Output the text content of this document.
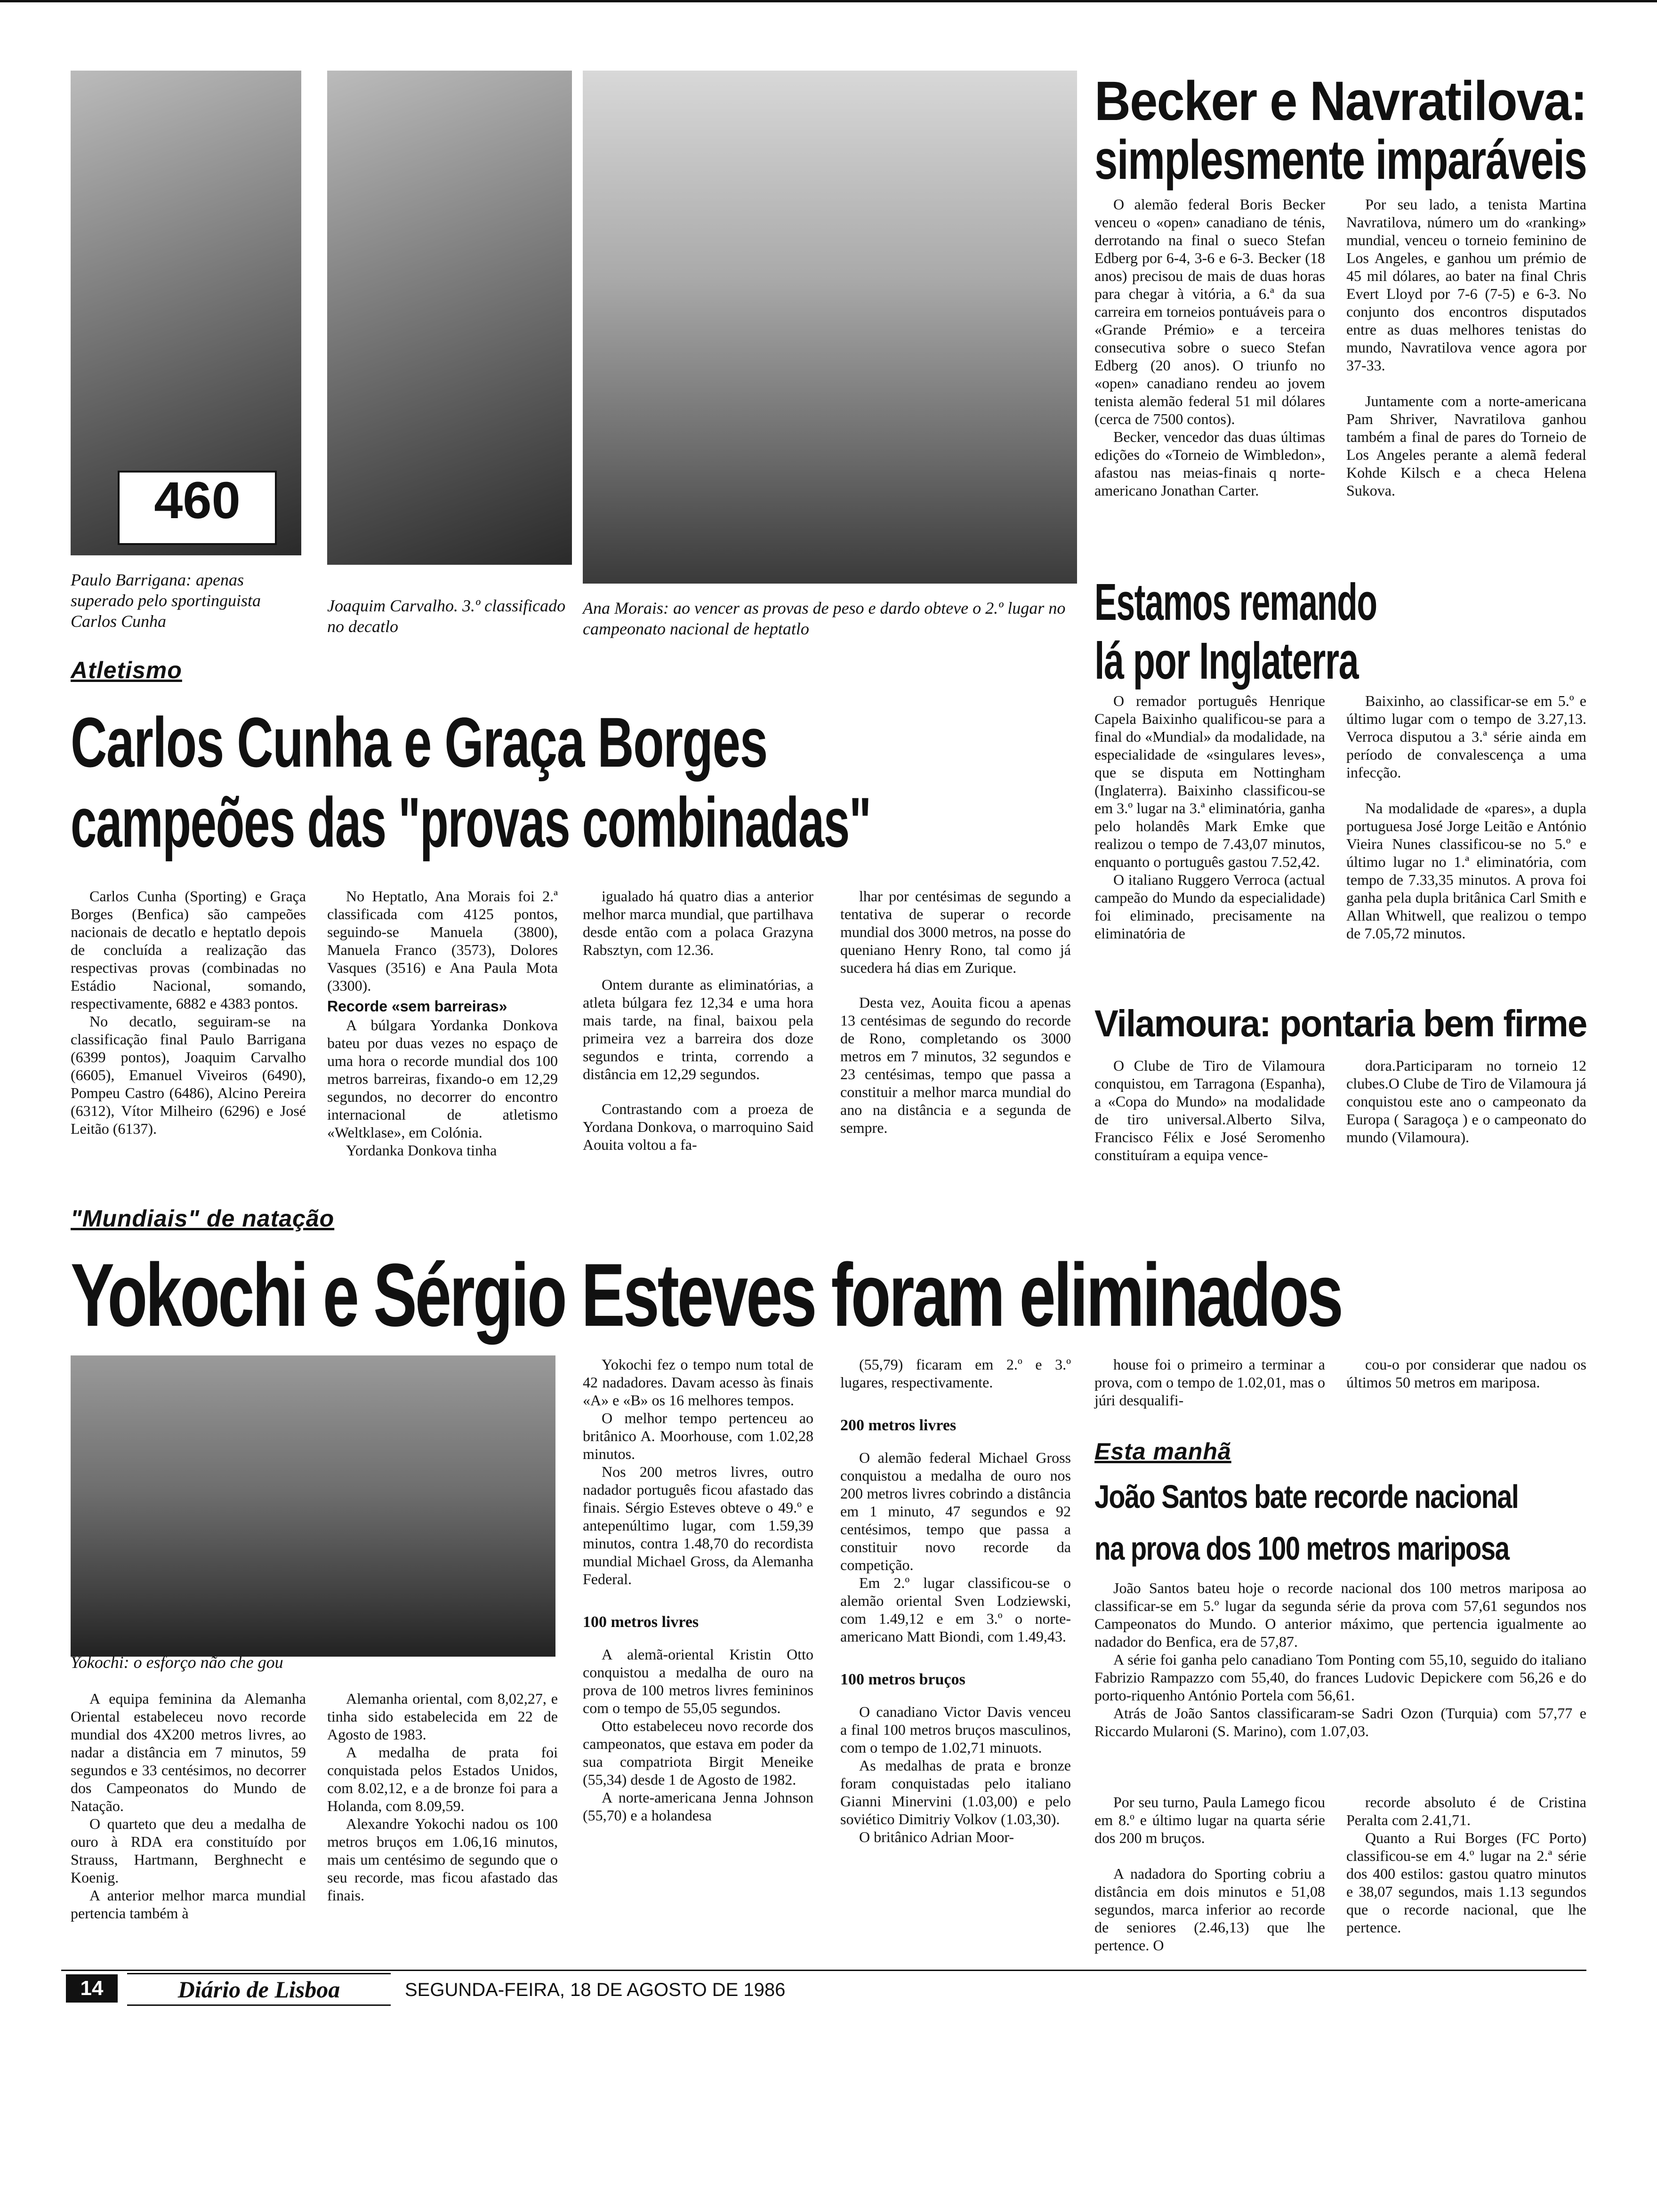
460
Paulo Barrigana: apenas superado pelo sportinguista Carlos Cunha
Joaquim Carvalho. 3.º classificado no decatlo
Ana Morais: ao vencer as provas de peso e dardo obteve o 2.º lugar no campeonato nacional de heptatlo
Becker e Navratilova:
simplesmente imparáveis

O alemão federal Boris Becker venceu o «open» canadiano de ténis, derrotando na final o sueco Stefan Edberg por 6-4, 3-6 e 6-3. Becker (18 anos) precisou de mais de duas horas para chegar à vitória, a 6.ª da sua carreira em torneios pontuáveis para o «Grande Prémio» e a terceira consecutiva sobre o sueco Stefan Edberg (20 anos). O triunfo no «open» canadiano rendeu ao jovem tenista alemão federal 51 mil dólares (cerca de 7500 contos).

Becker, vencedor das duas últimas edições do «Torneio de Wimbledon», afastou nas meias-finais q norte-americano Jonathan Carter.

Por seu lado, a tenista Martina Navratilova, número um do «ranking» mundial, venceu o torneio feminino de Los Angeles, e ganhou um prémio de 45 mil dólares, ao bater na final Chris Evert Lloyd por 7-6 (7-5) e 6-3. No conjunto dos encontros disputados entre as duas melhores tenistas do mundo, Navratilova vence agora por 37-33.

Juntamente com a norte-americana Pam Shriver, Navratilova ganhou também a final de pares do Torneio de Los Angeles perante a alemã federal Kohde Kilsch e a checa Helena Sukova.

Estamos remando
lá por Inglaterra

O remador português Henrique Capela Baixinho qualificou-se para a final do «Mundial» da modalidade, na especialidade de «singulares leves», que se disputa em Nottingham (Inglaterra). Baixinho classificou-se em 3.º lugar na 3.ª eliminatória, ganha pelo holandês Mark Emke que realizou o tempo de 7.43,07 minutos, enquanto o português gastou 7.52,42.

O italiano Ruggero Verroca (actual campeão do Mundo da especialidade) foi eliminado, precisamente na eliminatória de

Baixinho, ao classificar-se em 5.º e último lugar com o tempo de 3.27,13. Verroca disputou a 3.ª série ainda em período de convalescença a uma infecção.

Na modalidade de «pares», a dupla portuguesa José Jorge Leitão e António Vieira Nunes classificou-se no 5.º e último lugar no 1.ª eliminatória, com tempo de 7.33,35 minutos. A prova foi ganha pela dupla britânica Carl Smith e Allan Whitwell, que realizou o tempo de 7.05,72 minutos.

Vilamoura: pontaria bem firme

O Clube de Tiro de Vilamoura conquistou, em Tarragona (Espanha), a «Copa do Mundo» na modalidade de tiro universal.Alberto Silva, Francisco Félix e José Seromenho constituíram a equipa vence-

dora.Participaram no torneio 12 clubes.O Clube de Tiro de Vilamoura já conquistou este ano o campeonato da Europa ( Saragoça ) e o campeonato do mundo (Vilamoura).

Atletismo
Carlos Cunha e Graça Borges
campeões das "provas combinadas"

Carlos Cunha (Sporting) e Graça Borges (Benfica) são campeões nacionais de decatlo e heptatlo depois de concluída a realização das respectivas provas (combinadas no Estádio Nacional, somando, respectivamente, 6882 e 4383 pontos.

No decatlo, seguiram-se na classificação final Paulo Barrigana (6399 pontos), Joaquim Carvalho (6605), Emanuel Viveiros (6490), Pompeu Castro (6486), Alcino Pereira (6312), Vítor Milheiro (6296) e José Leitão (6137).

No Heptatlo, Ana Morais foi 2.ª classificada com 4125 pontos, seguindo-se Manuela (3800), Manuela Franco (3573), Dolores Vasques (3516) e Ana Paula Mota (3300).

Recorde «sem barreiras»

A búlgara Yordanka Donkova bateu por duas vezes no espaço de uma hora o recorde mundial dos 100 metros barreiras, fixando-o em 12,29 segundos, no decorrer do encontro internacional de atletismo «Weltklase», em Colónia.

Yordanka Donkova tinha

igualado há quatro dias a anterior melhor marca mundial, que partilhava desde então com a polaca Grazyna Rabsztyn, com 12.36.

Ontem durante as eliminatórias, a atleta búlgara fez 12,34 e uma hora mais tarde, na final, baixou pela primeira vez a barreira dos doze segundos e trinta, correndo a distância em 12,29 segundos.

Contrastando com a proeza de Yordana Donkova, o marroquino Said Aouita voltou a fa-

lhar por centésimas de segundo a tentativa de superar o recorde mundial dos 3000 metros, na posse do queniano Henry Rono, tal como já sucedera há dias em Zurique.

Desta vez, Aouita ficou a apenas 13 centésimas de segundo do recorde de Rono, completando os 3000 metros em 7 minutos, 32 segundos e 23 centésimas, tempo que passa a constituir a melhor marca mundial do ano na distância e a segunda de sempre.

"Mundiais" de natação
Yokochi e Sérgio Esteves foram eliminados
Yokochi: o esforço não che gou

A equipa feminina da Alemanha Oriental estabeleceu novo recorde mundial dos 4X200 metros livres, ao nadar a distância em 7 minutos, 59 segundos e 33 centésimos, no decorrer dos Campeonatos do Mundo de Natação.

O quarteto que deu a medalha de ouro à RDA era constituído por Strauss, Hartmann, Berghnecht e Koenig.

A anterior melhor marca mundial pertencia também à

Alemanha oriental, com 8,02,27, e tinha sido estabelecida em 22 de Agosto de 1983.

A medalha de prata foi conquistada pelos Estados Unidos, com 8.02,12, e a de bronze foi para a Holanda, com 8.09,59.

Alexandre Yokochi nadou os 100 metros bruços em 1.06,16 minutos, mais um centésimo de segundo que o seu recorde, mas ficou afastado das finais.

Yokochi fez o tempo num total de 42 nadadores. Davam acesso às finais «A» e «B» os 16 melhores tempos.

O melhor tempo pertenceu ao britânico A. Moorhouse, com 1.02,28 minutos.

Nos 200 metros livres, outro nadador português ficou afastado das finais. Sérgio Esteves obteve o 49.º e antepenúltimo lugar, com 1.59,39 minutos, contra 1.48,70 do recordista mundial Michael Gross, da Alemanha Federal.

100 metros livres

A alemã-oriental Kristin Otto conquistou a medalha de ouro na prova de 100 metros livres femininos com o tempo de 55,05 segundos.

Otto estabeleceu novo recorde dos campeonatos, que estava em poder da sua compatriota Birgit Meneike (55,34) desde 1 de Agosto de 1982.

A norte-americana Jenna Johnson (55,70) e a holandesa

(55,79) ficaram em 2.º e 3.º lugares, respectivamente.

200 metros livres

O alemão federal Michael Gross conquistou a medalha de ouro nos 200 metros livres cobrindo a distância em 1 minuto, 47 segundos e 92 centésimos, tempo que passa a constituir novo recorde da competição.

Em 2.º lugar classificou-se o alemão oriental Sven Lodziewski, com 1.49,12 e em 3.º o norte-americano Matt Biondi, com 1.49,43.

100 metros bruços

O canadiano Victor Davis venceu a final 100 metros bruços masculinos, com o tempo de 1.02,71 minuots.

As medalhas de prata e bronze foram conquistadas pelo italiano Gianni Minervini (1.03,00) e pelo soviético Dimitriy Volkov (1.03,30).

O britânico Adrian Moor-

house foi o primeiro a terminar a prova, com o tempo de 1.02,01, mas o júri desqualifi-

cou-o por considerar que nadou os últimos 50 metros em mariposa.

Esta manhã
João Santos bate recorde nacional
na prova dos 100 metros mariposa

João Santos bateu hoje o recorde nacional dos 100 metros mariposa ao classificar-se em 5.º lugar da segunda série da prova com 57,61 segundos nos Campeonatos do Mundo. O anterior máximo, que pertencia igualmente ao nadador do Benfica, era de 57,87.

A série foi ganha pelo canadiano Tom Ponting com 55,10, seguido do italiano Fabrizio Rampazzo com 55,40, do frances Ludovic Depickere com 56,26 e do porto-riquenho António Portela com 56,61.

Atrás de João Santos classificaram-se Sadri Ozon (Turquia) com 57,77 e Riccardo Mularoni (S. Marino), com 1.07,03.

Por seu turno, Paula Lamego ficou em 8.º e último lugar na quarta série dos 200 m bruços.

A nadadora do Sporting cobriu a distância em dois minutos e 51,08 segundos, marca inferior ao recorde de seniores (2.46,13) que lhe pertence. O

recorde absoluto é de Cristina Peralta com 2.41,71.

Quanto a Rui Borges (FC Porto) classificou-se em 4.º lugar na 2.ª série dos 400 estilos: gastou quatro minutos e 38,07 segundos, mais 1.13 segundos que o recorde nacional, que lhe pertence.

14	Diário de Lisboa	SEGUNDA-FEIRA, 18 DE AGOSTO DE 1986
